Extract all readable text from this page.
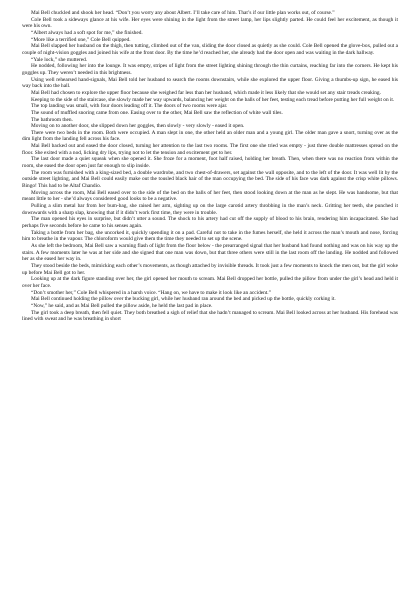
Mai Bell chuckled and shook her head. “Don’t you worry any about Albert. I’ll take care of him. That’s if our little plan works out, of course.”

Cole Bell took a sideways glance at his wife. Her eyes were shining in the light from the street lamp, her lips slightly parted. He could feel her excitement, as though it were his own.

“Albert always had a soft spot for me,” she finished.

“More like a terrified one,” Cole Bell quipped.

Mai Bell slapped her husband on the thigh, then tutting, climbed out of the van, sliding the door closed as quietly as she could. Cole Bell opened the glove-box, pulled out a couple of night-vision goggles and joined his wife at the front door. By the time he’d reached her, she already had the door open and was waiting in the dark hallway.

“Yale lock,” she muttered.

He nodded, following her into the lounge. It was empty, stripes of light from the street lighting shining through the thin curtains, reaching far into the corners. He kept his goggles up. They weren’t needed in this brightness.

Using well rehearsed hand-signals, Mai Bell told her husband to search the rooms downstairs, while she explored the upper floor. Giving a thumbs-up sign, he eased his way back into the hall.

Mai Bell had chosen to explore the upper floor because she weighed far less than her husband, which made it less likely that she would set any stair treads creaking.

Keeping to the side of the staircase, she slowly made her way upwards, balancing her weight on the balls of her feet, testing each tread before putting her full weight on it.

The top landing was small, with four doors leading off it. The doors of two rooms were ajar.

The sound of muffled snoring came from one. Easing over to the other, Mai Bell saw the reflection of white wall tiles.

The bathroom then.

Moving on to another door, she slipped down her goggles, then slowly - very slowly - eased it open.

There were two beds in the room. Both were occupied. A man slept in one, the other held an older man and a young girl. The older man gave a snort, turning over as the dim light from the landing fell across his face.

Mai Bell backed out and eased the door closed, turning her attention to the last two rooms. The first one she tried was empty - just three double mattresses spread on the floor. She exited with a nod, licking dry lips, trying not to let the tension and excitement get to her.

The last door made a quiet squeak when she opened it. She froze for a moment, foot half raised, holding her breath. Then, when there was no reaction from within the room, she eased the door open just far enough to slip inside.

The room was furnished with a king-sized bed, a double wardrobe, and two chest-of-drawers, set against the wall opposite, and to the left of the door. It was well lit by the outside street lighting, and Mai Bell could easily make out the tousled black hair of the man occupying the bed. The side of his face was dark against the crisp white pillows. Bingo! This had to be Altaf Chandio.

Moving across the room, Mai Bell eased over to the side of the bed on the balls of her feet, then stood looking down at the man as he slept. He was handsome, but that meant little to her - she’d always considered good looks to be a negative.

Pulling a slim metal bar from her bum-bag, she raised her arm, sighting up on the large carotid artery throbbing in the man’s neck. Gritting her teeth, she punched it downwards with a sharp slap, knowing that if it didn’t work first time, they were in trouble.

The man opened his eyes in surprise, but didn’t utter a sound. The shock to his artery had cut off the supply of blood to his brain, rendering him incapacitated. She had perhaps five seconds before he came to his senses again.

Taking a bottle from her bag, she uncorked it, quickly upending it on a pad. Careful not to take in the fumes herself, she held it across the man’s mouth and nose, forcing him to breathe in the vapour. The chloroform would give them the time they needed to set up the scene.

As she left the bedroom, Mai Bell saw a warning flash of light from the floor below - the prearranged signal that her husband had found nothing and was on his way up the stairs. A few moments later he was at her side and she signed that one man was down, but that three others were still in the last room off the landing. He nodded and followed her as she eased her way in.

They stood beside the beds, mimicking each other’s movements, as though attached by invisible threads. It took just a few moments to knock the men out, but the girl woke up before Mai Bell got to her.

Looking up at the dark figure standing over her, the girl opened her mouth to scream. Mai Bell dropped her bottle, pulled the pillow from under the girl’s head and held it over her face.

“Don’t smother her,” Cole Bell whispered in a harsh voice. “Hang on, we have to make it look like an accident.”

Mai Bell continued holding the pillow over the bucking girl, while her husband ran around the bed and picked up the bottle, quickly corking it.

“Now,” he said, and as Mai Bell pulled the pillow aside, he held the last pad in place.

The girl took a deep breath, then fell quiet. They both breathed a sigh of relief that she hadn’t managed to scream. Mai Bell looked across at her husband. His forehead was lined with sweat and he was breathing in short
